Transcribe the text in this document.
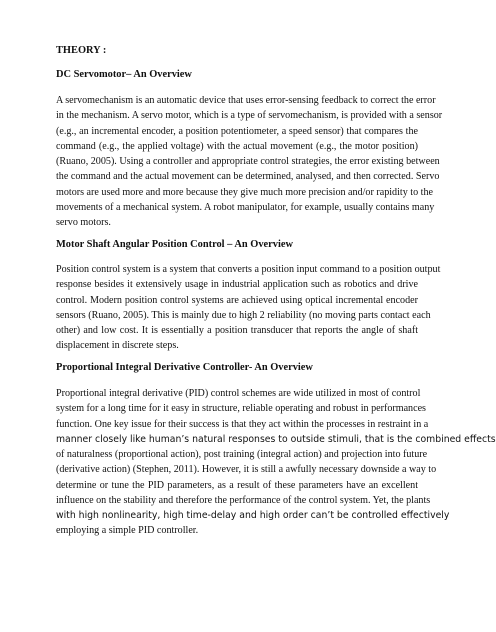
THEORY :

DC Servomotor– An Overview

A servomechanism is an automatic device that uses error-sensing feedback to correct the error
in the mechanism. A servo motor, which is a type of servomechanism, is provided with a sensor
(e.g., an incremental encoder, a position potentiometer, a speed sensor) that compares the
command (e.g., the applied voltage) with the actual movement (e.g., the motor position)
(Ruano, 2005). Using a controller and appropriate control strategies, the error existing between
the command and the actual movement can be determined, analysed, and then corrected. Servo
motors are used more and more because they give much more precision and/or rapidity to the
movements of a mechanical system. A robot manipulator, for example, usually contains many
servo motors.

Motor Shaft Angular Position Control – An Overview

Position control system is a system that converts a position input command to a position output
response besides it extensively usage in industrial application such as robotics and drive
control. Modern position control systems are achieved using optical incremental encoder
sensors (Ruano, 2005). This is mainly due to high 2 reliability (no moving parts contact each
other) and low cost. It is essentially a position transducer that reports the angle of shaft
displacement in discrete steps.

Proportional Integral Derivative Controller- An Overview

Proportional integral derivative (PID) control schemes are wide utilized in most of control
system for a long time for it easy in structure, reliable operating and robust in performances
function. One key issue for their success is that they act within the processes in restraint in a
manner closely like human’s natural responses to outside stimuli, that is the combined effects
of naturalness (proportional action), post training (integral action) and projection into future
(derivative action) (Stephen, 2011). However, it is still a awfully necessary downside a way to
determine or tune the PID parameters, as a result of these parameters have an excellent
influence on the stability and therefore the performance of the control system. Yet, the plants
with high nonlinearity, high time-delay and high order can’t be controlled effectively
employing a simple PID controller.
